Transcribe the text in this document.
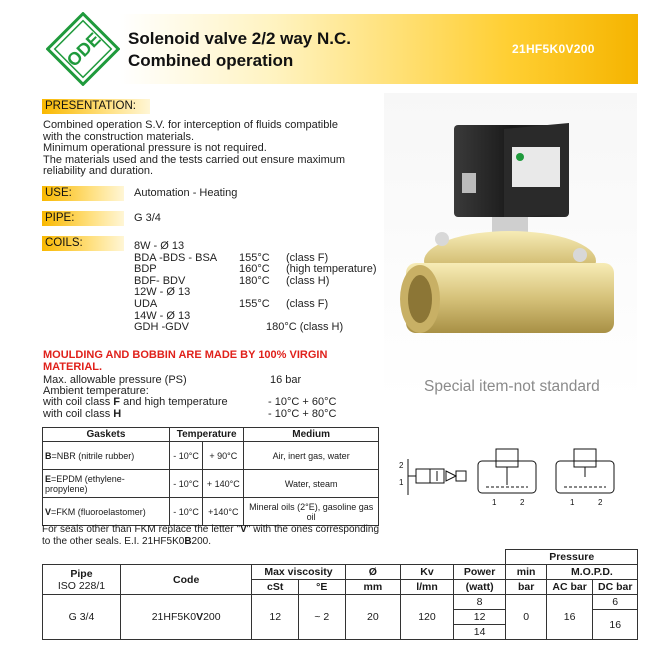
ODE Solenoid valve 2/2 way N.C.
Combined operation
21HF5K0V200
PRESENTATION:
Combined operation S.V. for interception of fluids compatible
with the construction materials.
Minimum operational pressure is not required.
The materials used and the tests carried out ensure maximum
reliability and duration.
USE:	Automation - Heating
PIPE:	G 3/4
COILS:	8W - Ø 13
BDA -BDS - BSA 155°C (class F)
BDP	160°C (high temperature)
BDF- BDV	180°C (class H)
12W - Ø 13
UDA	155°C (class F)
14W - Ø 13
GDH -GDV	180°C (class H)
MOULDING AND BOBBIN ARE MADE BY 100% VIRGIN
MATERIAL.
Max. allowable pressure (PS)	16 bar
Ambient temperature:
with coil class F and high temperature	- 10°C + 60°C
with coil class H	- 10°C + 80°C
Special item-not standard
Gaskets	Temperature		Medium
B=NBR (nitrile rubber)	- 10°C	+ 90°C	Air, inert gas, water
E=EPDM (ethylene-propylene)	- 10°C	+ 140°C	Water, steam
V=FKM (fluoroelastomer)	- 10°C	+140°C	Mineral oils (2°E), gasoline gas oil
For seals other than FKM replace the letter "V" with the ones corresponding to the other seals. E.I. 21HF5K0B200.
2
1
1	2	1	2
							Pressure		

Pipe
ISO 228/1	Code	Max viscosity		Ø	Kv	Power	min	M.O.P.D.	
		cSt	°E	mm	l/mn	(watt)	bar	AC bar	DC bar
G 3/4	21HF5K0V200	12	~ 2	20	120	8	0	16	6
						12			16
						14			
